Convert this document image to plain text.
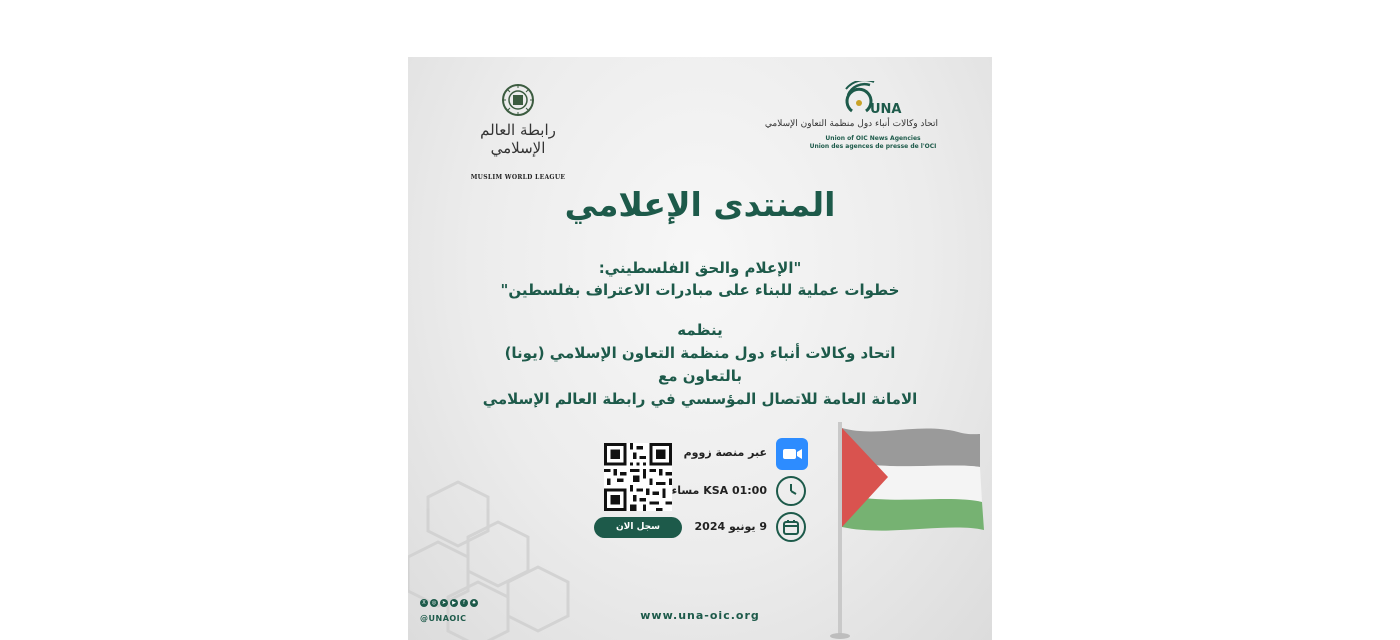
رابطة العالم الإسلامي
MUSLIM WORLD LEAGUE
UNA
اتحاد وكالات أنباء دول منظمة التعاون الإسلامي
Union of OIC News Agencies
Union des agences de presse de l'OCI
المنتدى الإعلامي
"الإعلام والحق الفلسطيني:
خطوات عملية للبناء على مبادرات الاعتراف بفلسطين"
ينظمه
اتحاد وكالات أنباء دول منظمة التعاون الإسلامي (يونا)
بالتعاون مع
الامانة العامة للاتصال المؤسسي في رابطة العالم الإسلامي
عبر منصة زووم
KSA 01:00 مساء
9 يونيو 2024
سجل الان
X	◎	➤	▶	f	♠
@UNAOIC	www.una-oic.org
